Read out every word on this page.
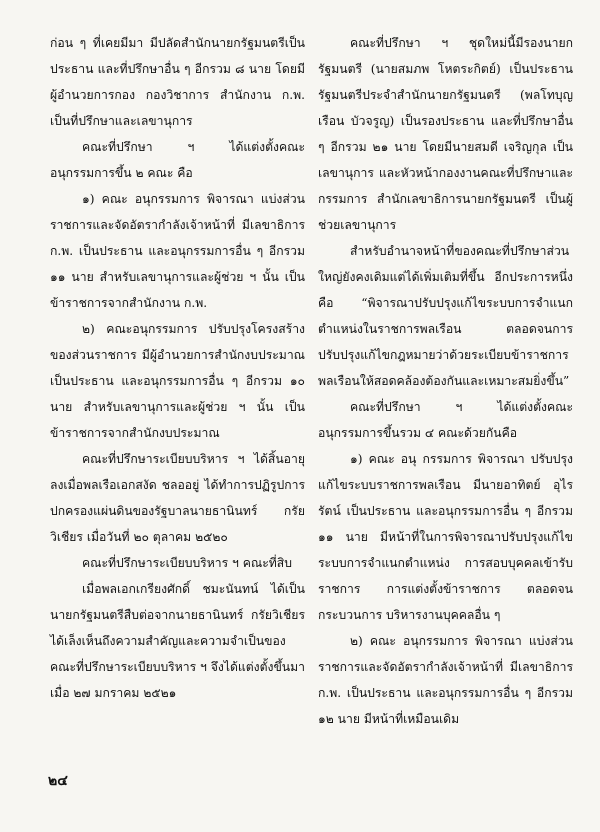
ก่อน ๆ ที่เคยมีมา มีปลัดสำนักนายกรัฐมนตรีเป็นประธาน และที่ปรึกษาอื่น ๆ อีกรวม ๘ นาย โดยมีผู้อำนวยการกอง กองวิชาการ สำนักงาน ก.พ. เป็นที่ปรึกษาและเลขานุการ

คณะที่ปรึกษา ฯ ได้แต่งตั้งคณะอนุกรรมการขึ้น ๒ คณะ คือ

๑) คณะ อนุกรรมการ พิจารณา แบ่งส่วนราชการและจัดอัตรากำลังเจ้าหน้าที่ มีเลขาธิการ ก.พ. เป็นประธาน และอนุกรรมการอื่น ๆ อีกรวม ๑๑ นาย สำหรับเลขานุการและผู้ช่วย ฯ นั้น เป็นข้าราชการจากสำนักงาน ก.พ.

๒) คณะอนุกรรมการ ปรับปรุงโครงสร้างของส่วนราชการ มีผู้อำนวยการสำนักงบประมาณเป็นประธาน และอนุกรรมการอื่น ๆ อีกรวม ๑๐ นาย สำหรับเลขานุการและผู้ช่วย ฯ นั้น เป็นข้าราชการจากสำนักงบประมาณ

คณะที่ปรึกษาระเบียบบริหาร ฯ ได้สิ้นอายุลงเมื่อพลเรือเอกสงัด ชลออยู่ ได้ทำการปฏิรูปการปกครองแผ่นดินของรัฐบาลนายธานินทร์ กรัยวิเชียร เมื่อวันที่ ๒๐ ตุลาคม ๒๕๒๐

คณะที่ปรึกษาระเบียบบริหาร ฯ คณะที่สิบ

เมื่อพลเอกเกรียงศักดิ์ ชมะนันทน์ ได้เป็นนายกรัฐมนตรีสืบต่อจากนายธานินทร์ กรัยวิเชียร ได้เล็งเห็นถึงความสำคัญและความจำเป็นของคณะที่ปรึกษาระเบียบบริหาร ฯ จึงได้แต่งตั้งขึ้นมาเมื่อ ๒๗ มกราคม ๒๕๒๑

คณะที่ปรึกษา ฯ ชุดใหม่นี้มีรองนายกรัฐมนตรี (นายสมภพ โหตระกิตย์) เป็นประธาน รัฐมนตรีประจำสำนักนายกรัฐมนตรี (พลโทบุญเรือน บัวจรูญ) เป็นรองประธาน และที่ปรึกษาอื่น ๆ อีกรวม ๒๑ นาย โดยมีนายสมดี เจริญกุล เป็นเลขานุการ และหัวหน้ากองงานคณะที่ปรึกษาและกรรมการ สำนักเลขาธิการนายกรัฐมนตรี เป็นผู้ช่วยเลขานุการ

สำหรับอำนาจหน้าที่ของคณะที่ปรึกษาส่วนใหญ่ยังคงเดิมแต่ได้เพิ่มเติมที่ขึ้น อีกประการหนึ่งคือ “พิจารณาปรับปรุงแก้ไขระบบการจำแนกตำแหน่งในราชการพลเรือน ตลอดจนการปรับปรุงแก้ไขกฎหมายว่าด้วยระเบียบข้าราชการพลเรือนให้สอดคล้องต้องกันและเหมาะสมยิ่งขึ้น”

คณะที่ปรึกษา ฯ ได้แต่งตั้งคณะอนุกรรมการขึ้นรวม ๔ คณะด้วยกันคือ

๑) คณะ อนุ กรรมการ พิจารณา ปรับปรุงแก้ไขระบบราชการพลเรือน มีนายอาทิตย์ อุไรรัตน์ เป็นประธาน และอนุกรรมการอื่น ๆ อีกรวม ๑๑ นาย มีหน้าที่ในการพิจารณาปรับปรุงแก้ไขระบบการจำแนกตำแหน่ง การสอบบุคคลเข้ารับราชการ การแต่งตั้งข้าราชการ ตลอดจน กระบวนการ บริหารงานบุคคลอื่น ๆ

๒) คณะ อนุกรรมการ พิจารณา แบ่งส่วนราชการและจัดอัตรากำลังเจ้าหน้าที่ มีเลขาธิการ ก.พ. เป็นประธาน และอนุกรรมการอื่น ๆ อีกรวม ๑๒ นาย มีหน้าที่เหมือนเดิม

๒๔
